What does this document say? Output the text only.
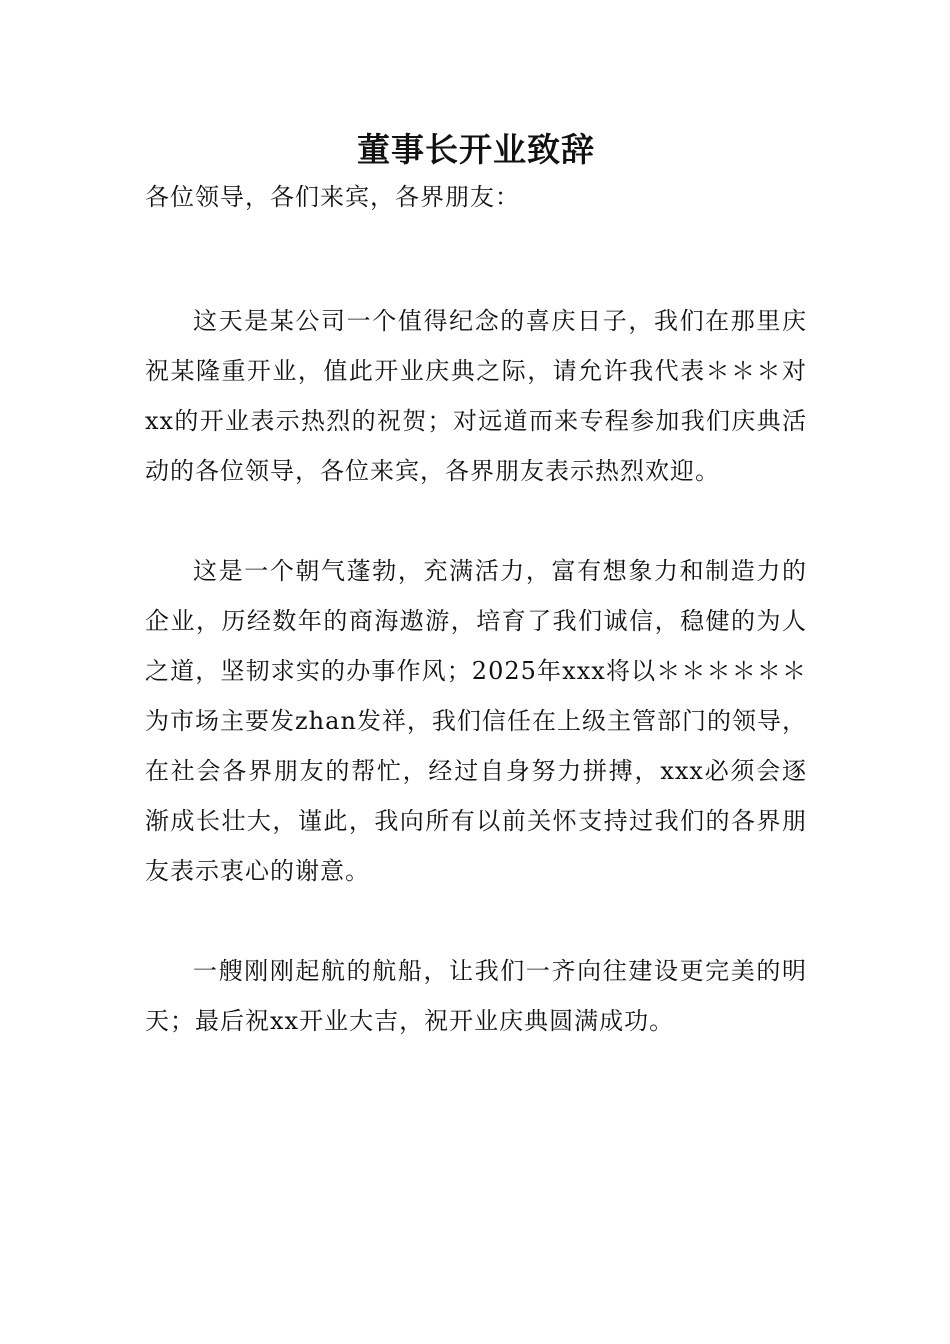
董事长开业致辞

各位领导，各们来宾，各界朋友：

这天是某公司一个值得纪念的喜庆日子，我们在那里庆祝某隆重开业，值此开业庆典之际，请允许我代表＊＊＊对xx的开业表示热烈的祝贺；对远道而来专程参加我们庆典活动的各位领导，各位来宾，各界朋友表示热烈欢迎。

这是一个朝气蓬勃，充满活力，富有想象力和制造力的企业，历经数年的商海遨游，培育了我们诚信，稳健的为人之道，坚韧求实的办事作风；2025年xxx将以＊＊＊＊＊＊为市场主要发zhan发祥，我们信任在上级主管部门的领导，在社会各界朋友的帮忙，经过自身努力拼搏，xxx必须会逐渐成长壮大，谨此，我向所有以前关怀支持过我们的各界朋友表示衷心的谢意。

一艘刚刚起航的航船，让我们一齐向往建设更完美的明天；最后祝xx开业大吉，祝开业庆典圆满成功。
